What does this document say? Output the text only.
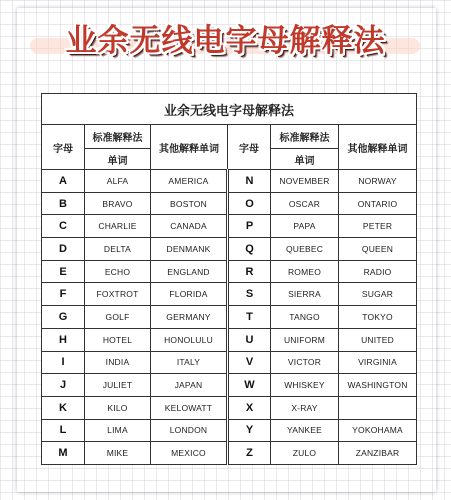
业余无线电字母解释法
业余无线电字母解释法					
字母	标准解释法	其他解释单词	字母	标准解释法	其他解释单词
	单词			单词	
A	ALFA	AMERICA	N	NOVEMBER	NORWAY
B	BRAVO	BOSTON	O	OSCAR	ONTARIO
C	CHARLIE	CANADA	P	PAPA	PETER
D	DELTA	DENMANK	Q	QUEBEC	QUEEN
E	ECHO	ENGLAND	R	ROMEO	RADIO
F	FOXTROT	FLORIDA	S	SIERRA	SUGAR
G	GOLF	GERMANY	T	TANGO	TOKYO
H	HOTEL	HONOLULU	U	UNIFORM	UNITED
I	INDIA	ITALY	V	VICTOR	VIRGINIA
J	JULIET	JAPAN	W	WHISKEY	WASHINGTON
K	KILO	KELOWATT	X	X-RAY	
L	LIMA	LONDON	Y	YANKEE	YOKOHAMA
M	MIKE	MEXICO	Z	ZULO	ZANZIBAR
